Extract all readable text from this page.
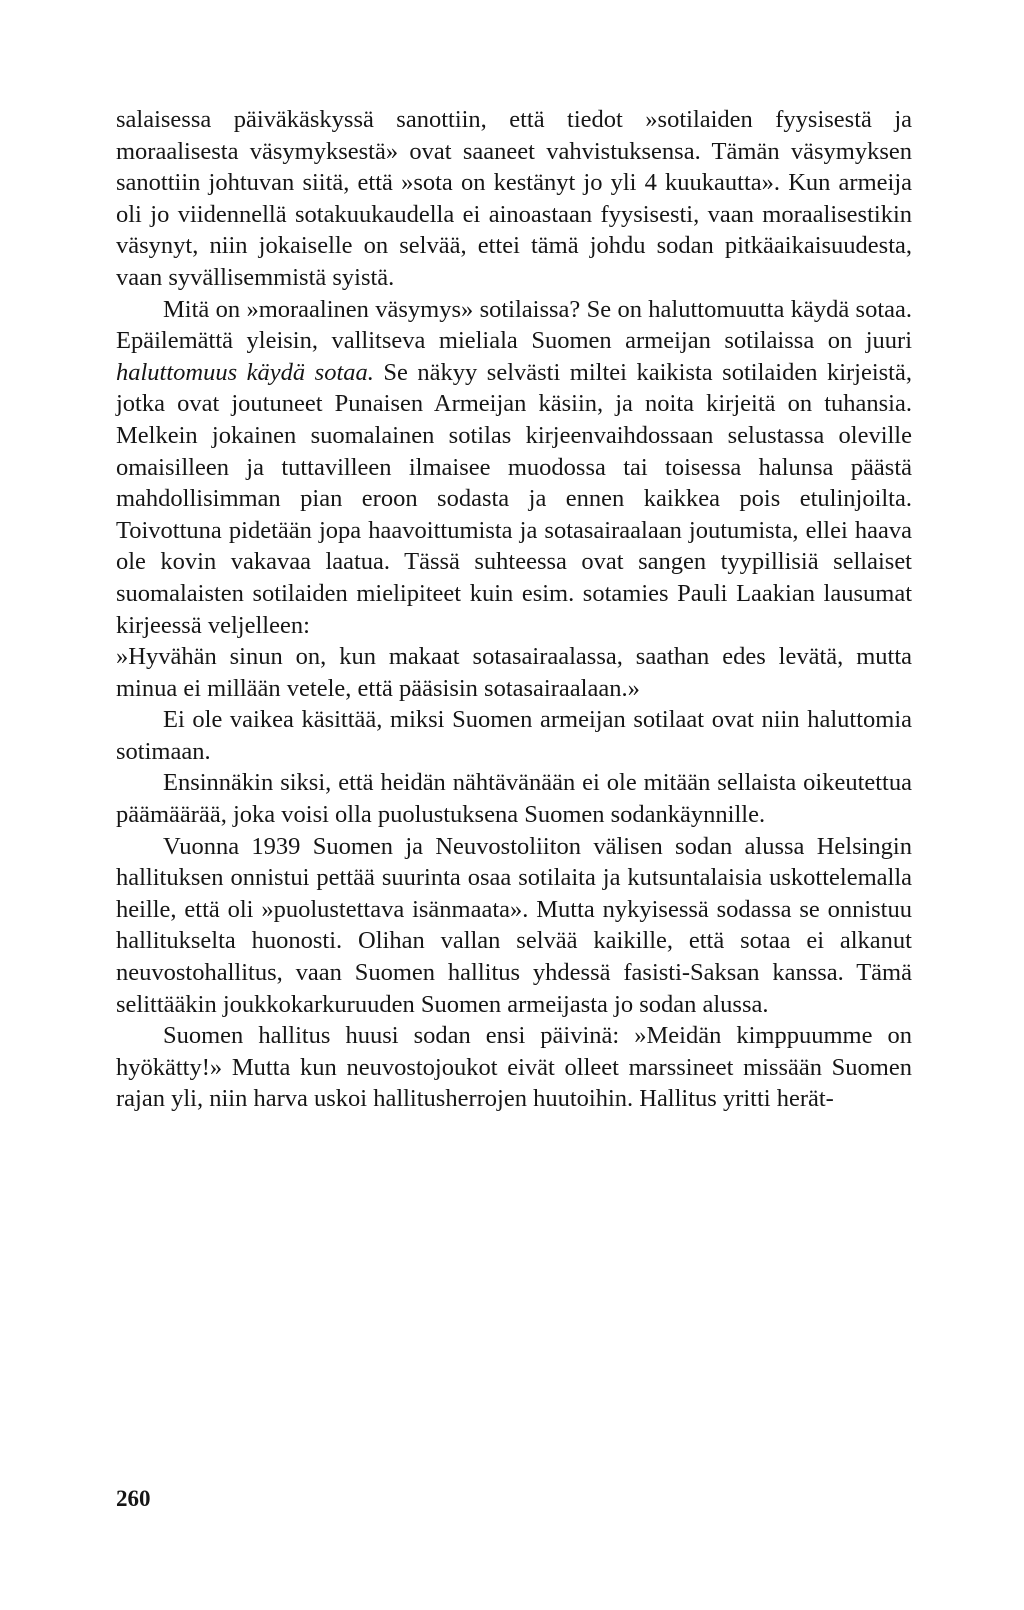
salaisessa päiväkäskyssä sanottiin, että tiedot »sotilaiden fyysisestä ja moraalisesta väsymyksestä» ovat saaneet vahvistuksensa. Tämän väsymyksen sanottiin johtuvan siitä, että »sota on kestänyt jo yli 4 kuukautta». Kun armeija oli jo viidennellä sotakuukaudella ei ainoastaan fyysisesti, vaan moraalisestikin väsynyt, niin jokaiselle on selvää, ettei tämä johdu sodan pitkäaikaisuudesta, vaan syvällisemmistä syistä.

Mitä on »moraalinen väsymys» sotilaissa? Se on haluttomuutta käydä sotaa. Epäilemättä yleisin, vallitseva mieliala Suomen armeijan sotilaissa on juuri haluttomuus käydä sotaa. Se näkyy selvästi miltei kaikista sotilaiden kirjeistä, jotka ovat joutuneet Punaisen Armeijan käsiin, ja noita kirjeitä on tuhansia. Melkein jokainen suomalainen sotilas kirjeenvaihdossaan selustassa oleville omaisilleen ja tuttavilleen ilmaisee muodossa tai toisessa halunsa päästä mahdollisimman pian eroon sodasta ja ennen kaikkea pois etulinjoilta. Toivottuna pidetään jopa haavoittumista ja sotasairaalaan joutumista, ellei haava ole kovin vakavaa laatua. Tässä suhteessa ovat sangen tyypillisiä sellaiset suomalaisten sotilaiden mielipiteet kuin esim. sotamies Pauli Laakian lausumat kirjeessä veljelleen:

»Hyvähän sinun on, kun makaat sotasairaalassa, saathan edes levätä, mutta minua ei millään vetele, että pääsisin sotasairaalaan.»

Ei ole vaikea käsittää, miksi Suomen armeijan sotilaat ovat niin haluttomia sotimaan.

Ensinnäkin siksi, että heidän nähtävänään ei ole mitään sellaista oikeutettua päämäärää, joka voisi olla puolustuksena Suomen sodankäynnille.

Vuonna 1939 Suomen ja Neuvostoliiton välisen sodan alussa Helsingin hallituksen onnistui pettää suurinta osaa sotilaita ja kutsuntalaisia uskottelemalla heille, että oli »puolustettava isänmaata». Mutta nykyisessä sodassa se onnistuu hallitukselta huonosti. Olihan vallan selvää kaikille, että sotaa ei alkanut neuvostohallitus, vaan Suomen hallitus yhdessä fasisti-Saksan kanssa. Tämä selittääkin joukkokarkuruuden Suomen armeijasta jo sodan alussa.

Suomen hallitus huusi sodan ensi päivinä: »Meidän kimppuumme on hyökätty!» Mutta kun neuvostojoukot eivät olleet marssineet missään Suomen rajan yli, niin harva uskoi hallitusherrojen huutoihin. Hallitus yritti herät-

260
